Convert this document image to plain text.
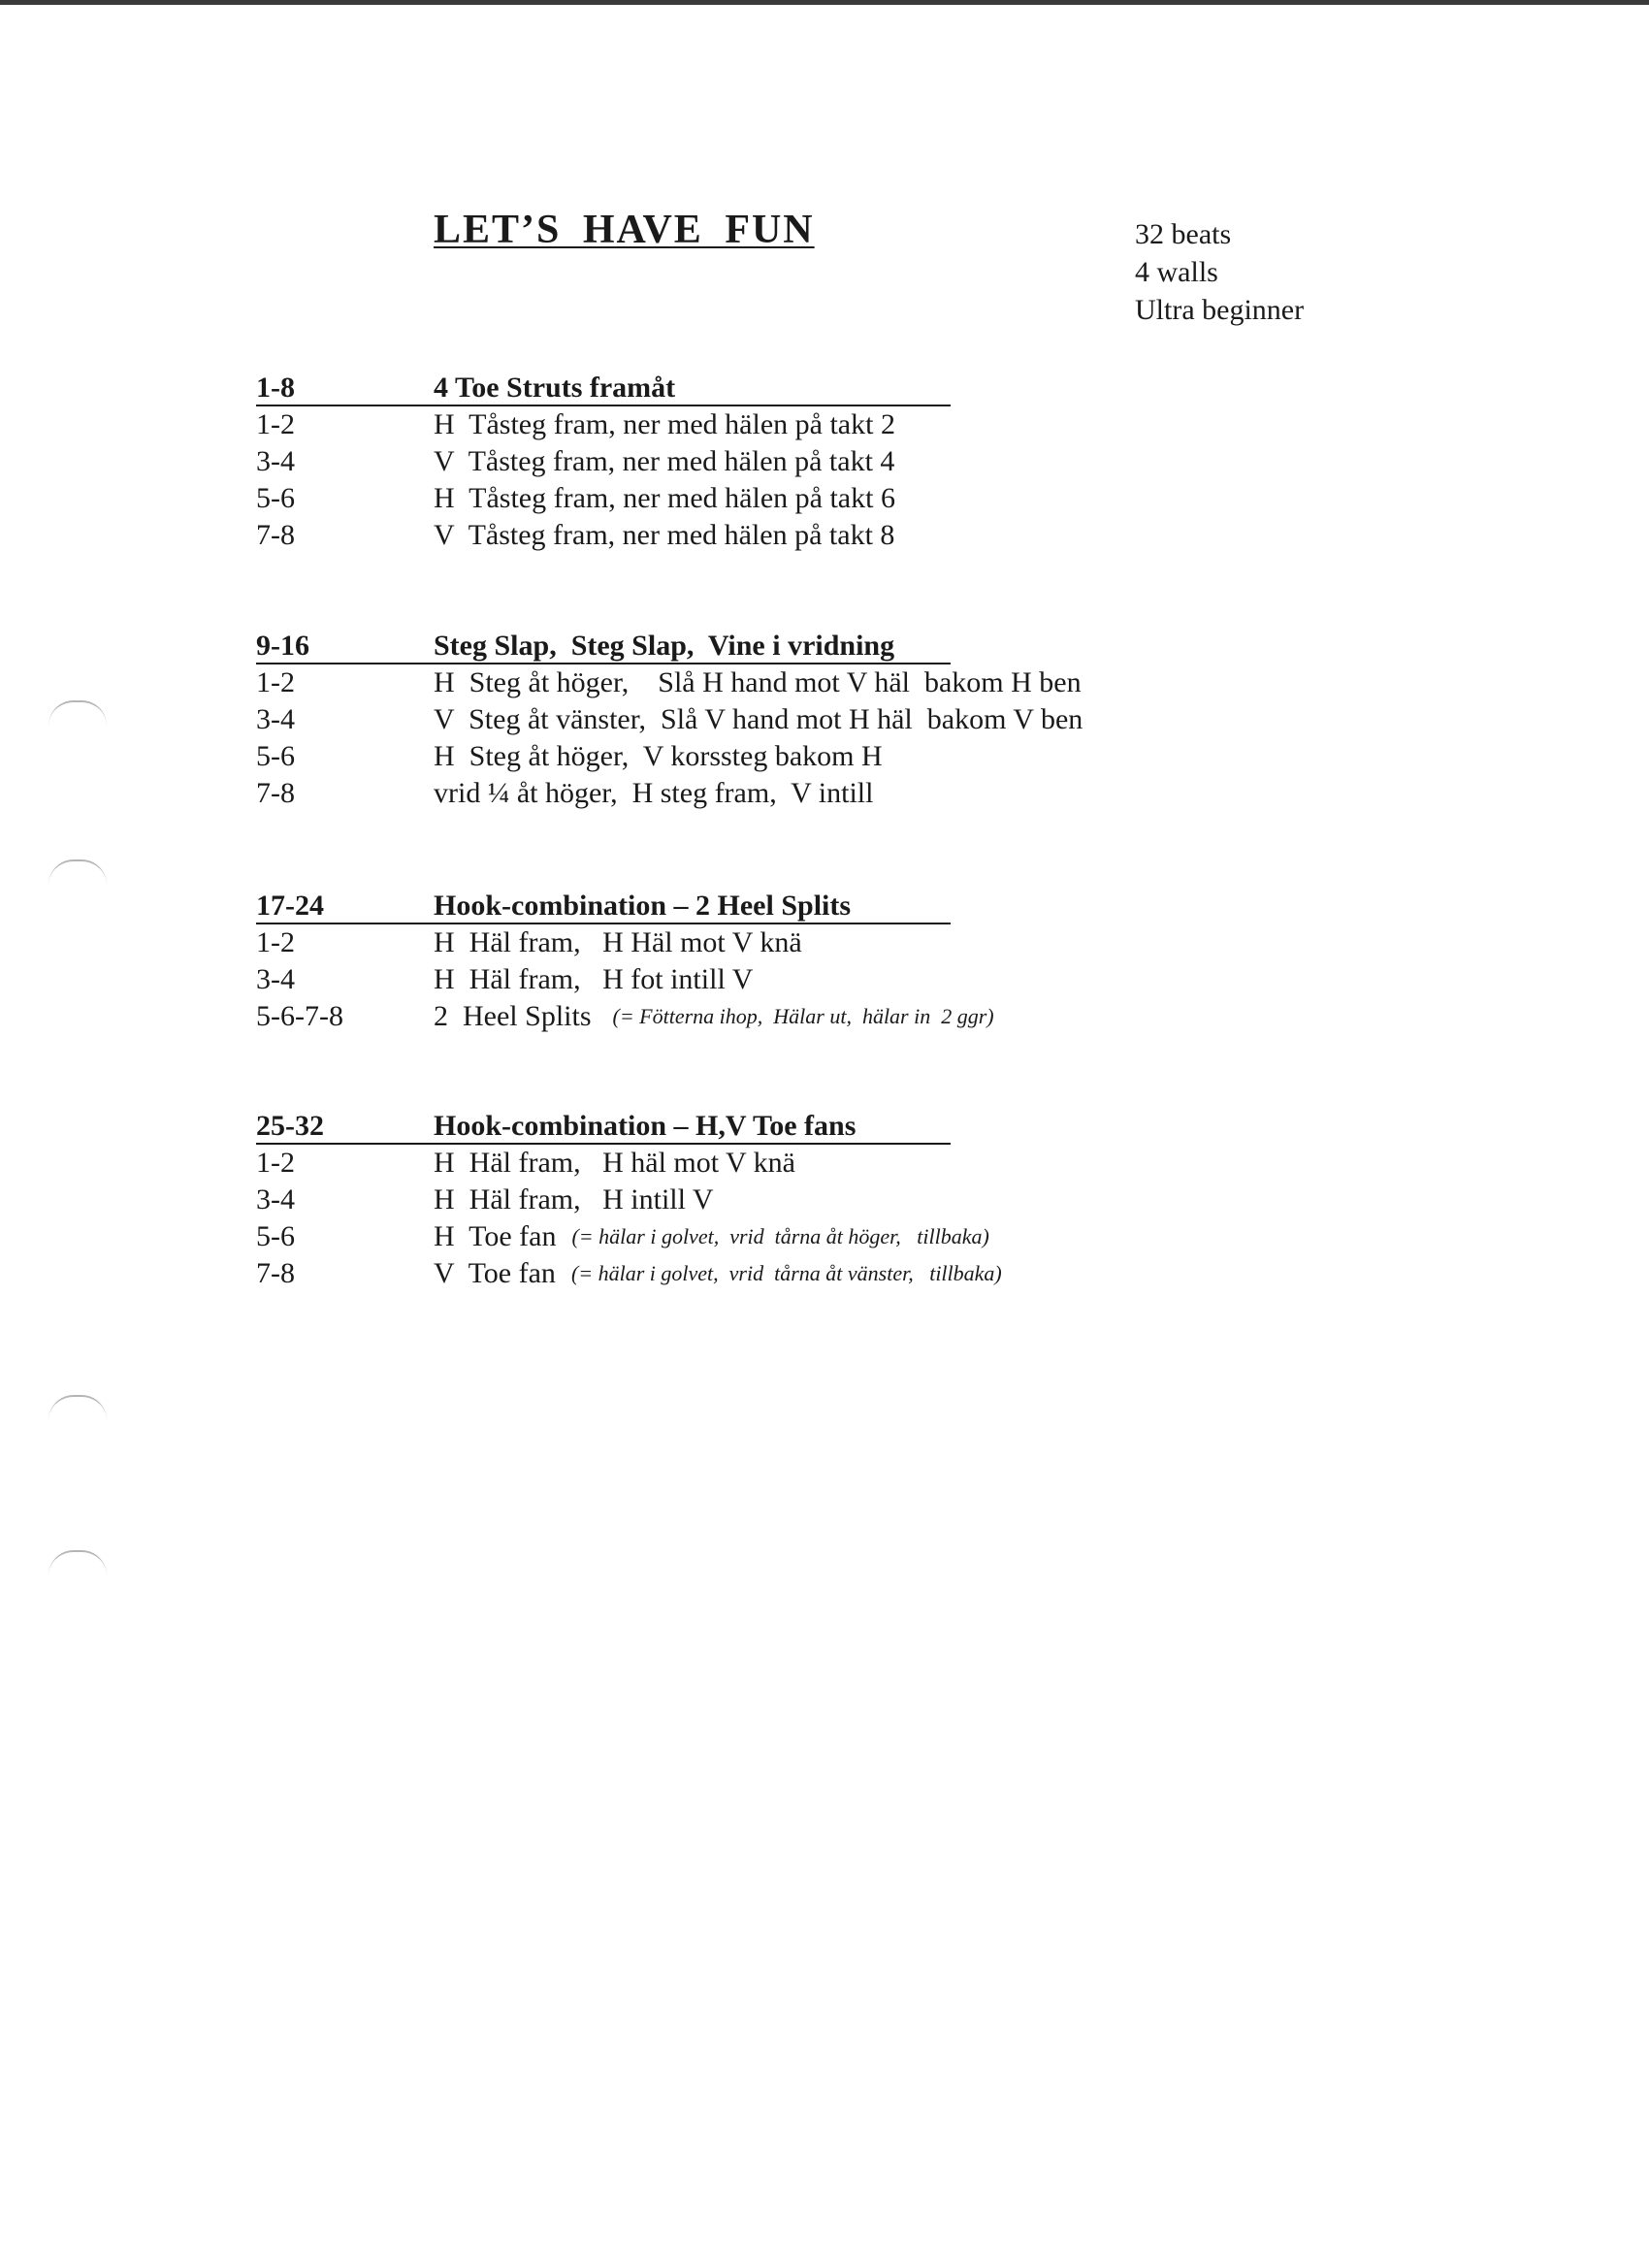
LET’S HAVE FUN	32 beats
4 walls
Ultra beginner
1-8	4 Toe Struts framåt
1-2	H  Tåsteg fram, ner med hälen på takt 2
3-4	V  Tåsteg fram, ner med hälen på takt 4
5-6	H  Tåsteg fram, ner med hälen på takt 6
7-8	V  Tåsteg fram, ner med hälen på takt 8
9-16	Steg Slap,  Steg Slap,  Vine i vridning
1-2	H  Steg åt höger,    Slå H hand mot V häl  bakom H ben
3-4	V  Steg åt vänster,  Slå V hand mot H häl  bakom V ben
5-6	H  Steg åt höger,  V korssteg bakom H
7-8	vrid ¼ åt höger,  H steg fram,  V intill
17-24	Hook-combination – 2 Heel Splits
1-2	H  Häl fram,   H Häl mot V knä
3-4	H  Häl fram,   H fot intill V
5-6-7-8	2  Heel Splits (= Fötterna ihop,  Hälar ut,  hälar in  2 ggr)
25-32	Hook-combination – H,V Toe fans
1-2	H  Häl fram,   H häl mot V knä
3-4	H  Häl fram,   H intill V
5-6	H  Toe fan (= hälar i golvet,  vrid  tårna åt höger,   tillbaka)
7-8	V  Toe fan (= hälar i golvet,  vrid  tårna åt vänster,   tillbaka)
